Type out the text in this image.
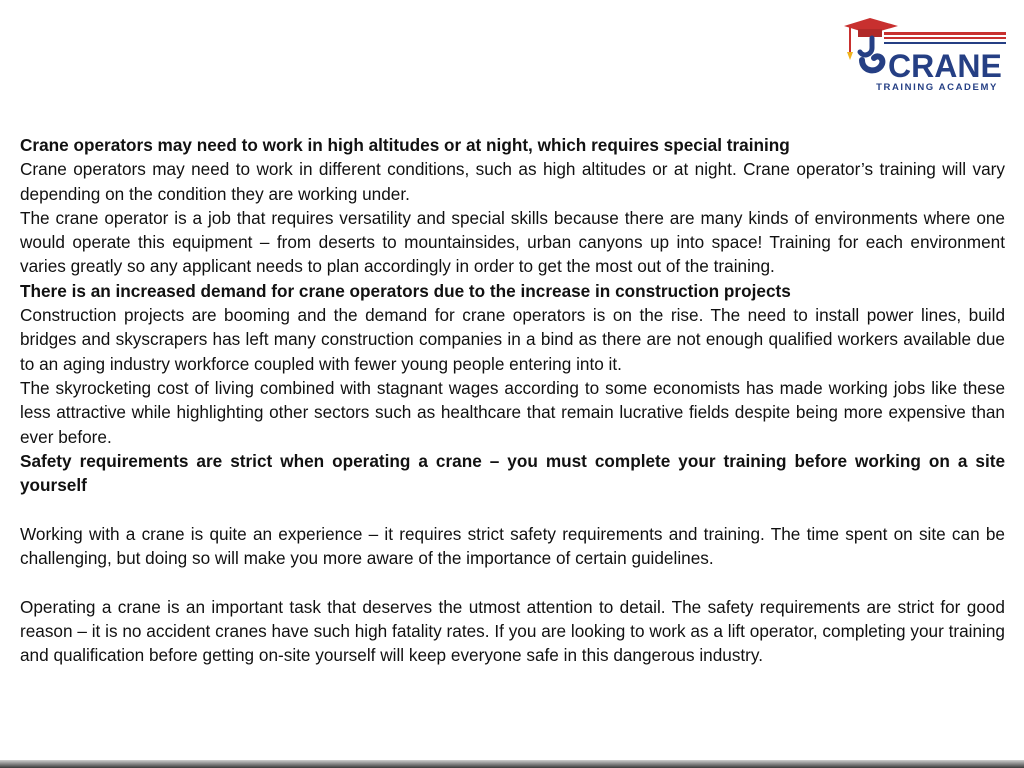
CRANE
TRAINING ACADEMY

Crane operators may need to work in high altitudes or at night, which requires special training

Crane operators may need to work in different conditions, such as high altitudes or at night. Crane operator’s training will vary depending on the condition they are working under.

The crane operator is a job that requires versatility and special skills because there are many kinds of environments where one would operate this equipment – from deserts to mountainsides, urban canyons up into space! Training for each environment varies greatly so any applicant needs to plan accordingly in order to get the most out of the training.

There is an increased demand for crane operators due to the increase in construction projects

Construction projects are booming and the demand for crane operators is on the rise. The need to install power lines, build bridges and skyscrapers has left many construction companies in a bind as there are not enough qualified workers available due to an aging industry workforce coupled with fewer young people entering into it.

The skyrocketing cost of living combined with stagnant wages according to some economists has made working jobs like these less attractive while highlighting other sectors such as healthcare that remain lucrative fields despite being more expensive than ever before.

Safety requirements are strict when operating a crane – you must complete your training before working on a site yourself

Working with a crane is quite an experience – it requires strict safety requirements and training. The time spent on site can be challenging, but doing so will make you more aware of the importance of certain guidelines.

Operating a crane is an important task that deserves the utmost attention to detail. The safety requirements are strict for good reason – it is no accident cranes have such high fatality rates. If you are looking to work as a lift operator, completing your training and qualification before getting on-site yourself will keep everyone safe in this dangerous industry.
